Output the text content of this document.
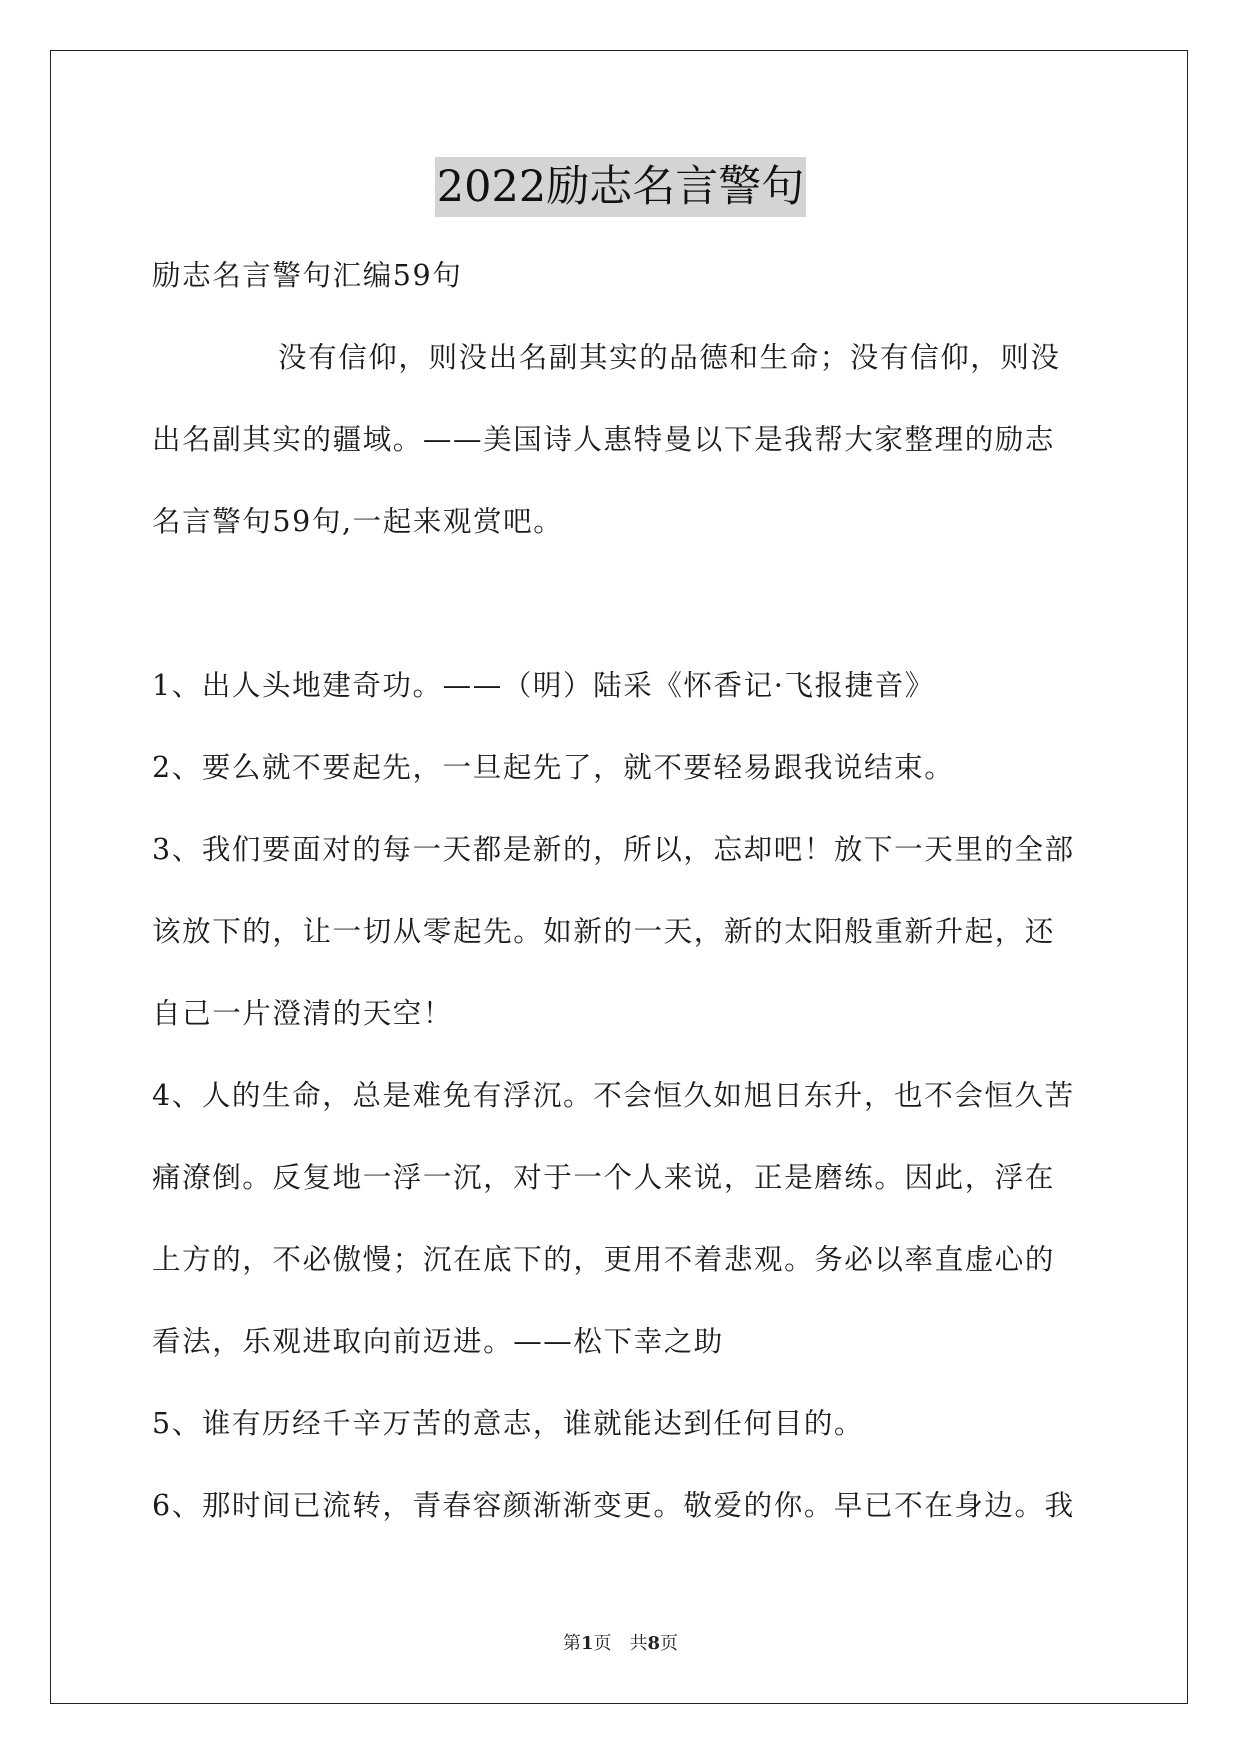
2022励志名言警句
励志名言警句汇编59句
没有信仰，则没出名副其实的品德和生命；没有信仰，则没
出名副其实的疆域。——美国诗人惠特曼以下是我帮大家整理的励志
名言警句59句,一起来观赏吧。
1、出人头地建奇功。——（明）陆采《怀香记·飞报捷音》
2、要么就不要起先，一旦起先了，就不要轻易跟我说结束。
3、我们要面对的每一天都是新的，所以，忘却吧！放下一天里的全部
该放下的，让一切从零起先。如新的一天，新的太阳般重新升起，还
自己一片澄清的天空！
4、人的生命，总是难免有浮沉。不会恒久如旭日东升，也不会恒久苦
痛潦倒。反复地一浮一沉，对于一个人来说，正是磨练。因此，浮在
上方的，不必傲慢；沉在底下的，更用不着悲观。务必以率直虚心的
看法，乐观进取向前迈进。——松下幸之助
5、谁有历经千辛万苦的意志，谁就能达到任何目的。
6、那时间已流转，青春容颜渐渐变更。敬爱的你。早已不在身边。我
第1页　共8页
